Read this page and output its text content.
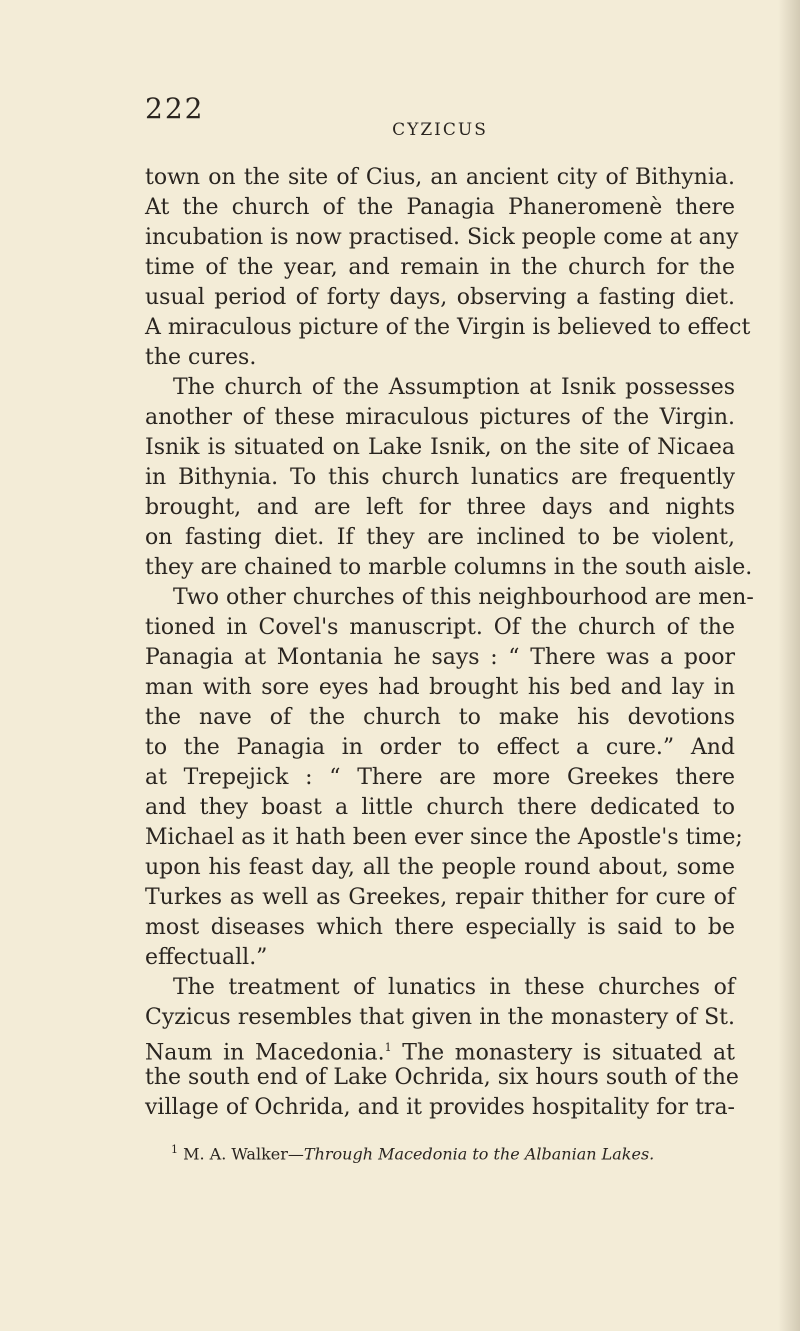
222
CYZICUS
town on the site of Cius, an ancient city of Bithynia.
At the church of the Panagia Phaneromenè there
incubation is now practised. Sick people come at any
time of the year, and remain in the church for the
usual period of forty days, observing a fasting diet.
A miraculous picture of the Virgin is believed to effect
the cures.
The church of the Assumption at Isnik possesses
another of these miraculous pictures of the Virgin.
Isnik is situated on Lake Isnik, on the site of Nicaea
in Bithynia. To this church lunatics are frequently
brought, and are left for three days and nights
on fasting diet. If they are inclined to be violent,
they are chained to marble columns in the south aisle.
Two other churches of this neighbourhood are men-
tioned in Covel's manuscript. Of the church of the
Panagia at Montania he says : “ There was a poor
man with sore eyes had brought his bed and lay in
the nave of the church to make his devotions
to the Panagia in order to effect a cure.” And
at Trepejick : “ There are more Greekes there
and they boast a little church there dedicated to
Michael as it hath been ever since the Apostle's time;
upon his feast day, all the people round about, some
Turkes as well as Greekes, repair thither for cure of
most diseases which there especially is said to be
effectuall.”
The treatment of lunatics in these churches of
Cyzicus resembles that given in the monastery of St.
Naum in Macedonia.$^1$ The monastery is situated at
the south end of Lake Ochrida, six hours south of the
village of Ochrida, and it provides hospitality for tra-
$^1$ M. A. Walker—Through Macedonia to the Albanian Lakes.
